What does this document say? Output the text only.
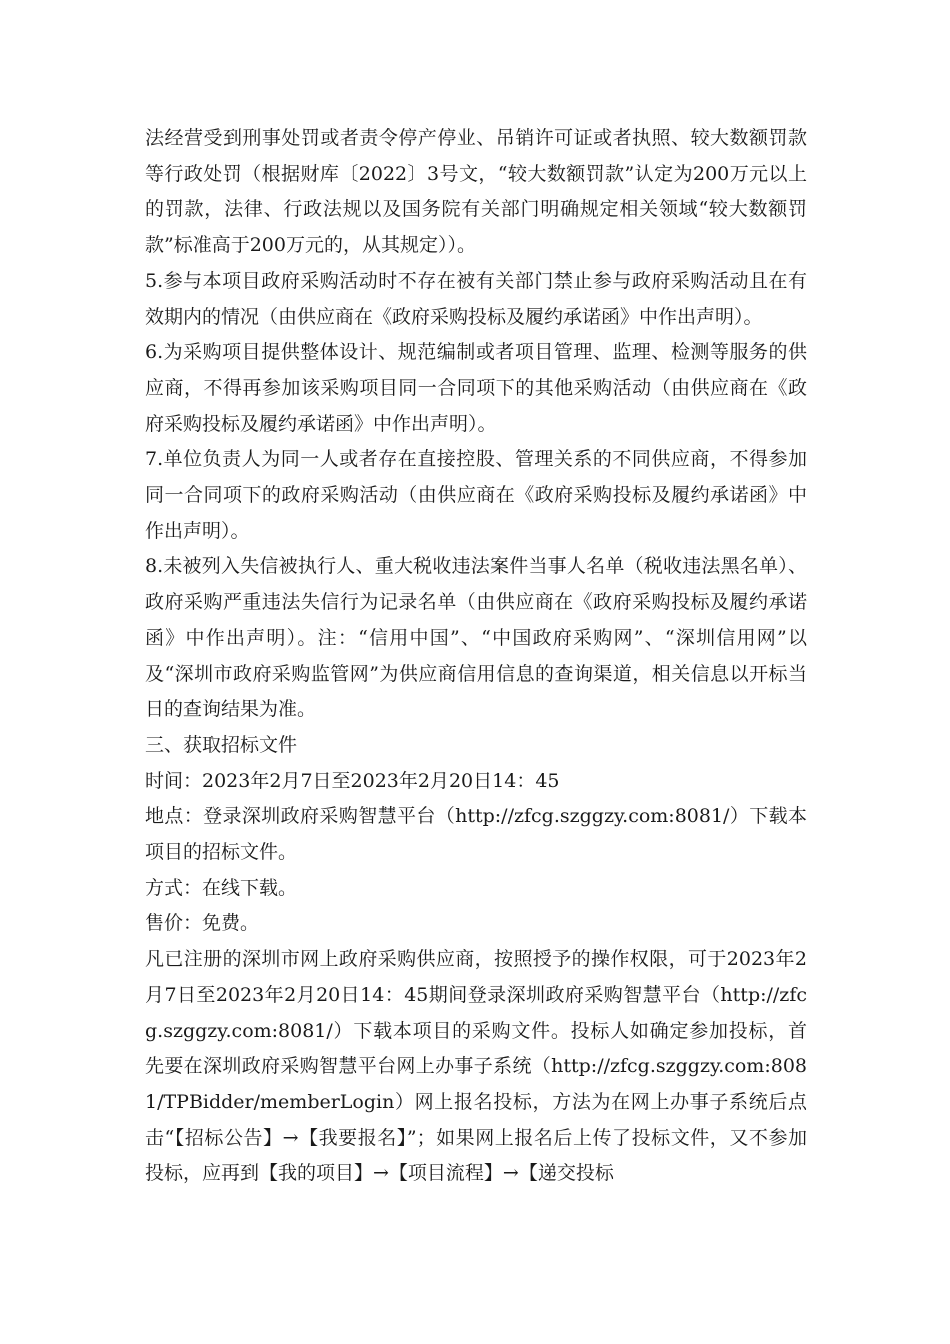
法经营受到刑事处罚或者责令停产停业、吊销许可证或者执照、较大数额罚款等行政处罚（根据财库〔2022〕3号文，“较大数额罚款”认定为200万元以上的罚款，法律、行政法规以及国务院有关部门明确规定相关领域“较大数额罚款”标准高于200万元的，从其规定））。

5.参与本项目政府采购活动时不存在被有关部门禁止参与政府采购活动且在有效期内的情况（由供应商在《政府采购投标及履约承诺函》中作出声明）。

6.为采购项目提供整体设计、规范编制或者项目管理、监理、检测等服务的供应商，不得再参加该采购项目同一合同项下的其他采购活动（由供应商在《政府采购投标及履约承诺函》中作出声明）。

7.单位负责人为同一人或者存在直接控股、管理关系的不同供应商，不得参加同一合同项下的政府采购活动（由供应商在《政府采购投标及履约承诺函》中作出声明）。

8.未被列入失信被执行人、重大税收违法案件当事人名单（税收违法黑名单）、政府采购严重违法失信行为记录名单（由供应商在《政府采购投标及履约承诺函》中作出声明）。注：“信用中国”、“中国政府采购网”、“深圳信用网”以及“深圳市政府采购监管网”为供应商信用信息的查询渠道，相关信息以开标当日的查询结果为准。

三、获取招标文件

时间：2023年2月7日至2023年2月20日14：45

地点：登录深圳政府采购智慧平台（http://zfcg.szggzy.com:8081/）下载本项目的招标文件。

方式：在线下载。

售价：免费。

凡已注册的深圳市网上政府采购供应商，按照授予的操作权限，可于2023年2月7日至2023年2月20日14：45期间登录深圳政府采购智慧平台（http://zfcg.szggzy.com:8081/）下载本项目的采购文件。投标人如确定参加投标，首先要在深圳政府采购智慧平台网上办事子系统（http://zfcg.szggzy.com:8081/TPBidder/memberLogin）网上报名投标，方法为在网上办事子系统后点击“【招标公告】→【我要报名】”；如果网上报名后上传了投标文件，又不参加投标，应再到【我的项目】→【项目流程】→【递交投标
